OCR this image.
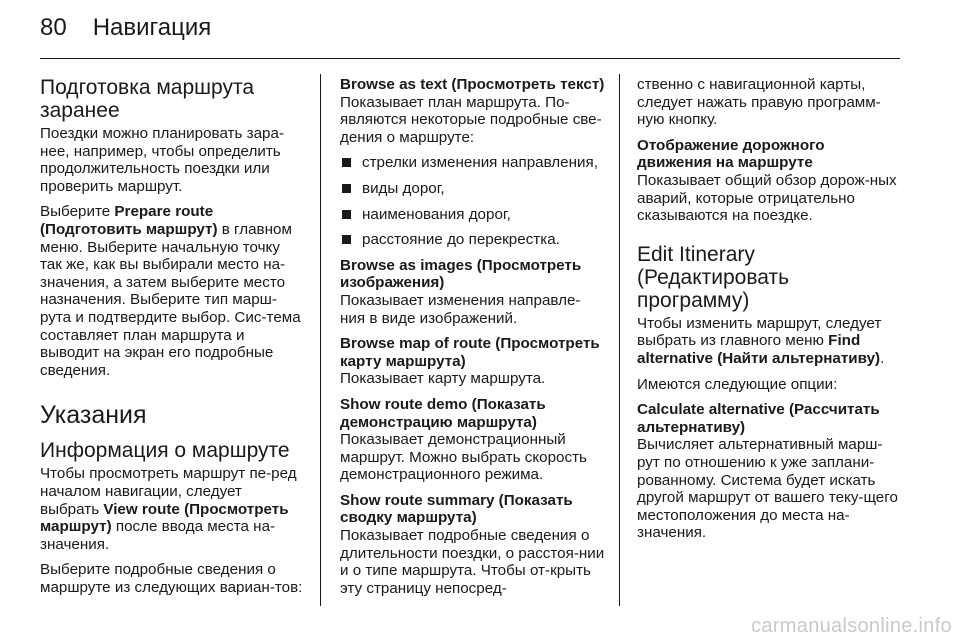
80 Навигация
Подготовка маршрута заранее

Поездки можно планировать зара-нее, например, чтобы определить продолжительность поездки или проверить маршрут.

Выберите Prepare route (Подготовить маршрут) в главном меню. Выберите начальную точку так же, как вы выбирали место на-значения, а затем выберите место назначения. Выберите тип марш-рута и подтвердите выбор. Сис-тема составляет план маршрута и выводит на экран его подробные сведения.

Указания
Информация о маршруте

Чтобы просмотреть маршрут пе-ред началом навигации, следует выбрать View route (Просмотреть маршрут) после ввода места на-значения.

Выберите подробные сведения о маршруте из следующих вариан-тов:

Browse as text (Просмотреть текст)

Показывает план маршрута. По-являются некоторые подробные све-дения о маршруте:

стрелки изменения направления,
виды дорог,
наименования дорог,
расстояние до перекрестка.
Browse as images (Просмотреть изображения)

Показывает изменения направле-ния в виде изображений.

Browse map of route (Просмотреть карту маршрута)

Показывает карту маршрута.

Show route demo (Показать демонстрацию маршрута)

Показывает демонстрационный маршрут. Можно выбрать скорость демонстрационного режима.

Show route summary (Показать сводку маршрута)

Показывает подробные сведения о длительности поездки, о расстоя-нии и о типе маршрута. Чтобы от-крыть эту страницу непосред-

ственно с навигационной карты, следует нажать правую программ-ную кнопку.

Отображение дорожного движения на маршруте

Показывает общий обзор дорож-ных аварий, которые отрицательно сказываются на поездке.

Edit Itinerary (Редактировать программу)

Чтобы изменить маршрут, следует выбрать из главного меню Find alternative (Найти альтернативу).

Имеются следующие опции:

Calculate alternative (Рассчитать альтернативу)

Вычисляет альтернативный марш-рут по отношению к уже заплани-рованному. Система будет искать другой маршрут от вашего теку-щего местоположения до места на-значения.

carmanualsonline.info
